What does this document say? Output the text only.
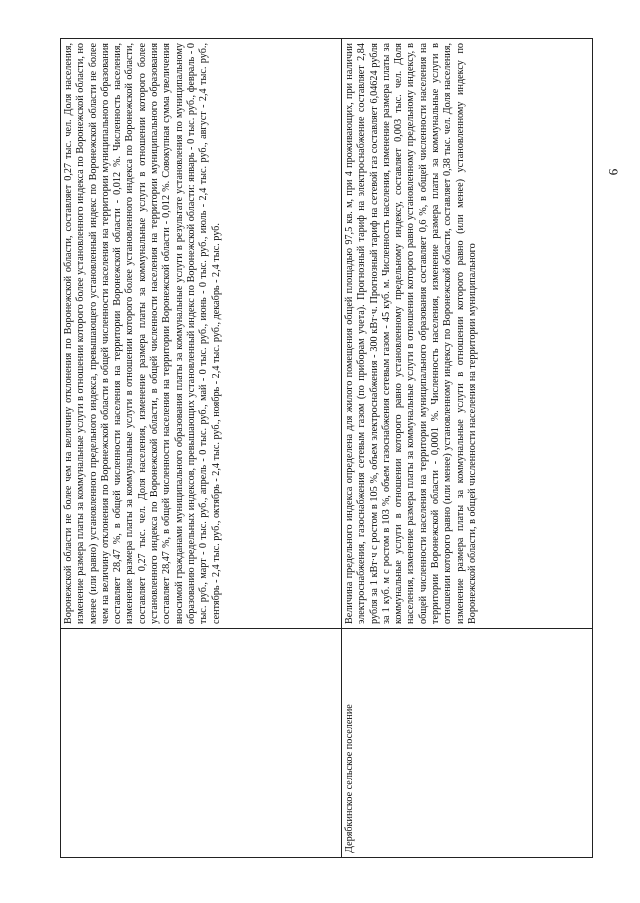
9

	Воронежской области не более чем на величину отклонения по Воронежской области, составляет 0,27 тыс. чел. Доля населения, изменение размера платы за коммунальные услуги в отношении которого более установленного индекса по Воронежской области, но менее (или равно) установленного предельного индекса, превышающего установленный индекс по Воронежской области не более чем на величину отклонения по Воронежской области в общей численности населения на территории муниципального образования составляет 28,47 %, в общей численности населения на территории Воронежской области - 0,012 %. Численность населения, изменение размера платы за коммунальные услуги в отношении которого более установленного индекса по Воронежской области, составляет 0,27 тыс. чел. Доля населения, изменение размера платы за коммунальные услуги в отношении которого более установленного индекса по Воронежской области, в общей численности населения на территории муниципального образования составляет 28,47 %, в общей численности населения на территории Воронежской области - 0,012 %. Совокупная сумма увеличения вносимой гражданами муниципального образования платы за коммунальные услуги в результате установления по муниципальному образованию предельных индексов, превышающих установленный индекс по Воронежской области: январь - 0 тыс. руб., февраль - 0 тыс. руб., март - 0 тыс. руб., апрель - 0 тыс. руб., май - 0 тыс. руб., июнь - 0 тыс. руб., июль - 2,4 тыс. руб., август - 2,4 тыс. руб., сентябрь - 2,4 тыс. руб., октябрь - 2,4 тыс. руб., ноябрь - 2,4 тыс. руб., декабрь - 2,4 тыс. руб.

Дерябкинское сельское поселение	Величина предельного индекса определена для жилого помещения общей площадью 97,5 кв. м, при 4 проживающих, при наличии электроснабжения, газоснабжения сетевым газом (по приборам учета). Прогнозный тариф на электроснабжение составляет 2,84 рубля за 1 кВт·ч с ростом в 105 %, объем электроснабжения - 300 кВт·ч. Прогнозный тариф на сетевой газ составляет 6,04624 рубля за 1 куб. м с ростом в 103 %, объем газоснабжения сетевым газом - 45 куб. м. Численность населения, изменение размера платы за коммунальные услуги в отношении которого равно установленному предельному индексу, составляет 0,003 тыс. чел. Доля населения, изменение размера платы за коммунальные услуги в отношении которого равно установленному предельному индексу, в общей численности населения на территории муниципального образования составляет 0,6 %, в общей численности населения на территории Воронежской области - 0,0001 %. Численность населения, изменение размера платы за коммунальные услуги в отношении которого равно (или менее) установленному индексу по Воронежской области, составляет 0,38 тыс. чел. Доля населения, изменение размера платы за коммунальные услуги в отношении которого равно (или менее) установленному индексу по Воронежской области, в общей численности населения на территории муниципального
